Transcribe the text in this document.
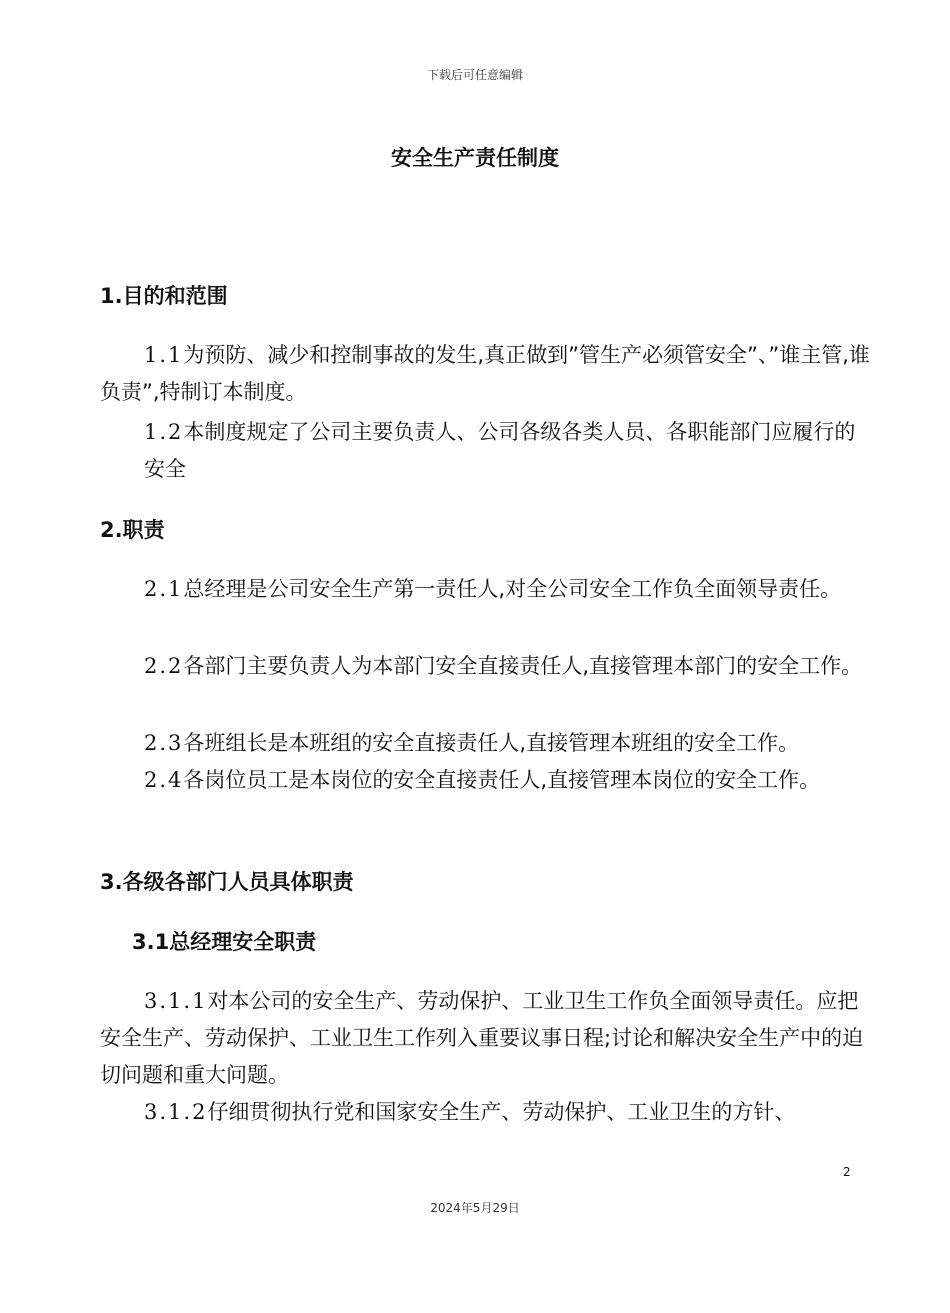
下载后可任意编辑
安全生产责任制度
1.目的和范围
1.1为预防、减少和控制事故的发生,真正做到”管生产必须管安全”、”谁主管,谁负责”,特制订本制度。
1.2本制度规定了公司主要负责人、公司各级各类人员、各职能部门应履行的安全
2.职责
2.1总经理是公司安全生产第一责任人,对全公司安全工作负全面领导责任。
2.2各部门主要负责人为本部门安全直接责任人,直接管理本部门的安全工作。
2.3各班组长是本班组的安全直接责任人,直接管理本班组的安全工作。
2.4各岗位员工是本岗位的安全直接责任人,直接管理本岗位的安全工作。
3.各级各部门人员具体职责
3.1总经理安全职责
3.1.1对本公司的安全生产、劳动保护、工业卫生工作负全面领导责任。应把安全生产、劳动保护、工业卫生工作列入重要议事日程;讨论和解决安全生产中的迫切问题和重大问题。
3.1.2仔细贯彻执行党和国家安全生产、劳动保护、工业卫生的方针、
2
2024年5月29日
